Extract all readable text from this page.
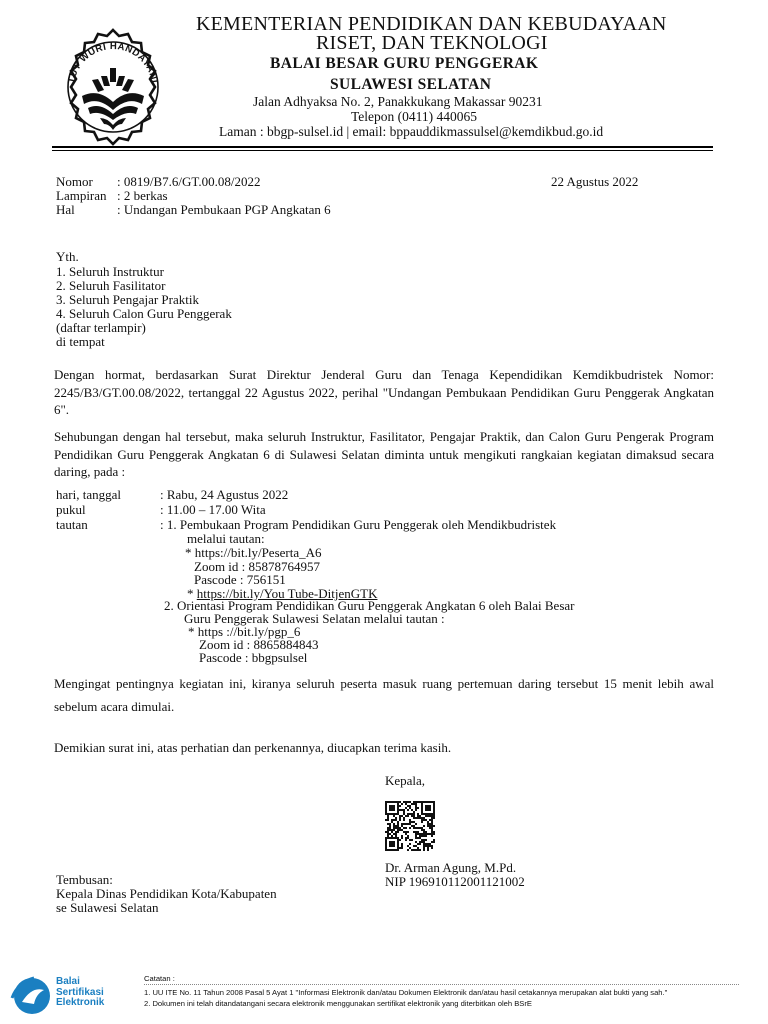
TUT WURI HANDAYANI
KEMENTERIAN PENDIDIKAN DAN KEBUDAYAAN
RISET, DAN TEKNOLOGI
BALAI BESAR GURU PENGGERAK
SULAWESI SELATAN
Jalan Adhyaksa No. 2, Panakkukang Makassar 90231
Telepon (0411) 440065
Laman : bbgp-sulsel.id | email: bppauddikmassulsel@kemdikbud.go.id
Nomor : 0819/B7.6/GT.00.08/2022	22 Agustus 2022
Lampiran : 2 berkas
Hal	: Undangan Pembukaan PGP Angkatan 6
Yth.
1. Seluruh Instruktur
2. Seluruh Fasilitator
3. Seluruh Pengajar Praktik
4. Seluruh Calon Guru Penggerak
(daftar terlampir)
di tempat
Dengan hormat, berdasarkan Surat Direktur Jenderal Guru dan Tenaga Kependidikan Kemdikbudristek Nomor: 2245/B3/GT.00.08/2022, tertanggal 22 Agustus 2022, perihal "Undangan Pembukaan Pendidikan Guru Penggerak Angkatan 6".
Sehubungan dengan hal tersebut, maka seluruh Instruktur, Fasilitator, Pengajar Praktik, dan Calon Guru Pengerak Program Pendidikan Guru Penggerak Angkatan 6 di Sulawesi Selatan diminta untuk mengikuti rangkaian kegiatan dimaksud secara daring, pada :
hari, tanggal	: Rabu, 24 Agustus 2022
pukul	: 11.00 – 17.00 Wita
tautan	: 1. Pembukaan Program Pendidikan Guru Penggerak oleh Mendikbudristek
melalui tautan:
* https://bit.ly/Peserta_A6
Zoom id : 85878764957
Pascode : 756151
* https://bit.ly/You Tube-DitjenGTK
2. Orientasi Program Pendidikan Guru Penggerak Angkatan 6 oleh Balai Besar
Guru Penggerak Sulawesi Selatan melalui tautan :
* https ://bit.ly/pgp_6
Zoom id : 8865884843
Pascode : bbgpsulsel
Mengingat pentingnya kegiatan ini, kiranya seluruh peserta masuk ruang pertemuan daring tersebut 15 menit lebih awal sebelum acara dimulai.
Demikian surat ini, atas perhatian dan perkenannya, diucapkan terima kasih.
Kepala,
Dr. Arman Agung, M.Pd.
NIP 196910112001121002
Tembusan:
Kepala Dinas Pendidikan Kota/Kabupaten
se Sulawesi Selatan
Balai
Sertifikasi
Elektronik
Catatan :
1. UU ITE No. 11 Tahun 2008 Pasal 5 Ayat 1 "Informasi Elektronik dan/atau Dokumen Elektronik dan/atau hasil cetakannya merupakan alat bukti yang sah."
2. Dokumen ini telah ditandatangani secara elektronik menggunakan sertifikat elektronik yang diterbitkan oleh BSrE
